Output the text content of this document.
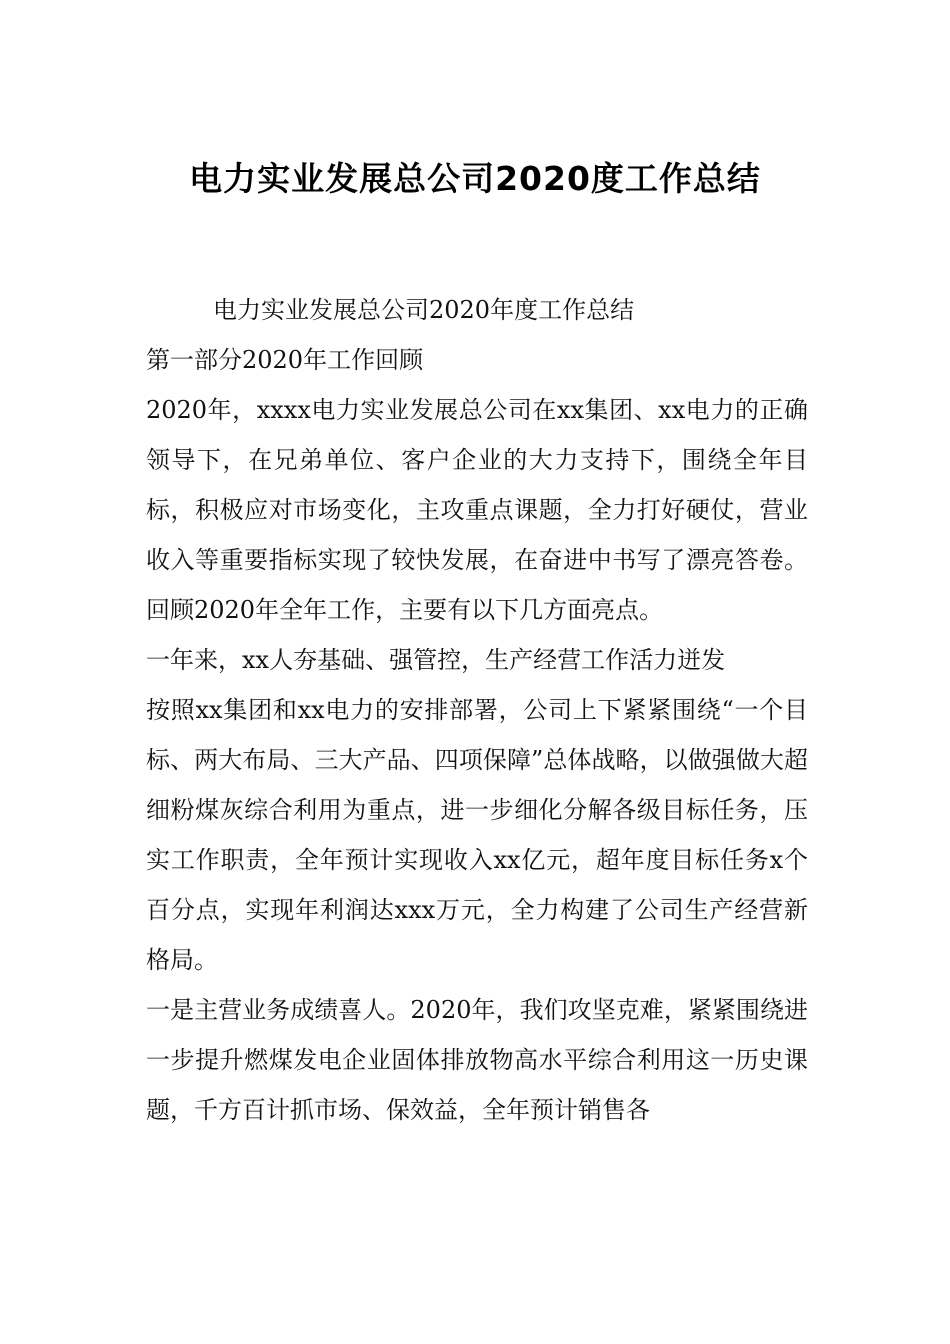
电力实业发展总公司2020度工作总结

电力实业发展总公司2020年度工作总结

第一部分2020年工作回顾

2020年，xxxx电力实业发展总公司在xx集团、xx电力的正确领导下，在兄弟单位、客户企业的大力支持下，围绕全年目标，积极应对市场变化，主攻重点课题，全力打好硬仗，营业收入等重要指标实现了较快发展，在奋进中书写了漂亮答卷。回顾2020年全年工作，主要有以下几方面亮点。

一年来，xx人夯基础、强管控，生产经营工作活力迸发

按照xx集团和xx电力的安排部署，公司上下紧紧围绕“一个目标、两大布局、三大产品、四项保障”总体战略，以做强做大超细粉煤灰综合利用为重点，进一步细化分解各级目标任务，压实工作职责，全年预计实现收入xx亿元，超年度目标任务x个百分点，实现年利润达xxx万元，全力构建了公司生产经营新格局。

一是主营业务成绩喜人。2020年，我们攻坚克难，紧紧围绕进一步提升燃煤发电企业固体排放物高水平综合利用这一历史课题，千方百计抓市场、保效益，全年预计销售各
